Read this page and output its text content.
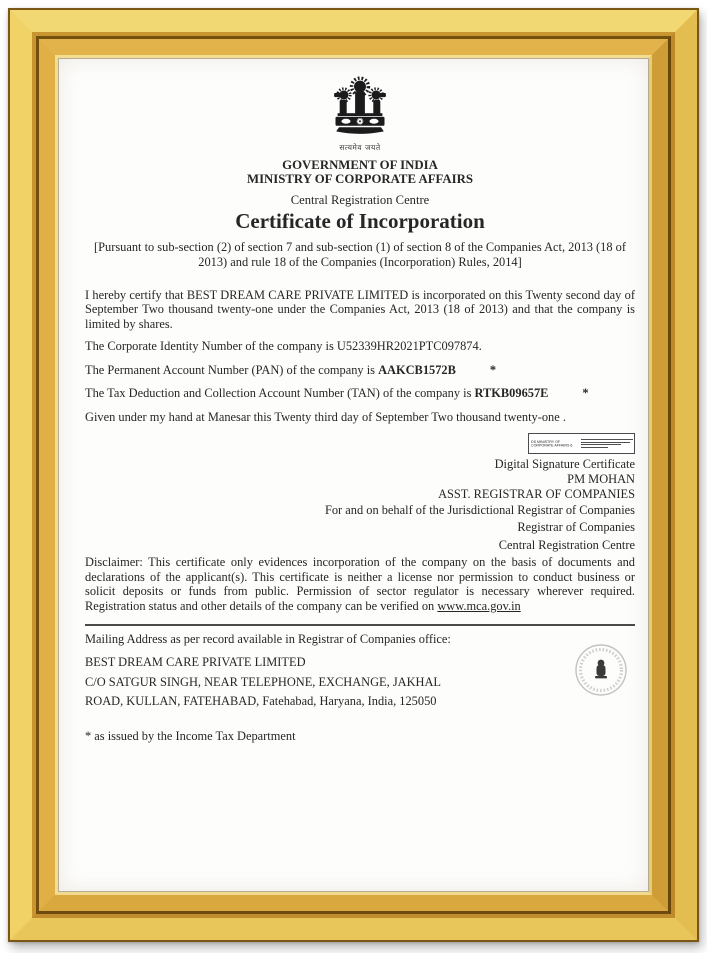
सत्यमेव जयते
GOVERNMENT OF INDIA
MINISTRY OF CORPORATE AFFAIRS
Central Registration Centre
Certificate of Incorporation
[Pursuant to sub-section (2) of section 7 and sub-section (1) of section 8 of the Companies Act, 2013 (18 of 2013) and rule 18 of the Companies (Incorporation) Rules, 2014]
I hereby certify that BEST DREAM CARE PRIVATE LIMITED is incorporated on this Twenty second day of September Two thousand twenty-one under the Companies Act, 2013 (18 of 2013) and that the company is limited by shares.
The Corporate Identity Number of the company is U52339HR2021PTC097874.
The Permanent Account Number (PAN) of the company is AAKCB1572B	*
The Tax Deduction and Collection Account Number (TAN) of the company is RTKB09657E	*
Given under my hand at Manesar this Twenty third day of September Two thousand twenty-one .
DS MINISTRY OF
CORPORATE AFFAIRS 6
Digital Signature Certificate
PM MOHAN
ASST. REGISTRAR OF COMPANIES
For and on behalf of the Jurisdictional Registrar of Companies
Registrar of Companies
Central Registration Centre
Disclaimer: This certificate only evidences incorporation of the company on the basis of documents and declarations of the applicant(s). This certificate is neither a license nor permission to conduct business or solicit deposits or funds from public. Permission of sector regulator is necessary wherever required. Registration status and other details of the company can be verified on www.mca.gov.in
Mailing Address as per record available in Registrar of Companies office:
BEST DREAM CARE PRIVATE LIMITED
C/O SATGUR SINGH, NEAR TELEPHONE, EXCHANGE, JAKHAL
ROAD, KULLAN, FATEHABAD, Fatehabad, Haryana, India, 125050
* as issued by the Income Tax Department
